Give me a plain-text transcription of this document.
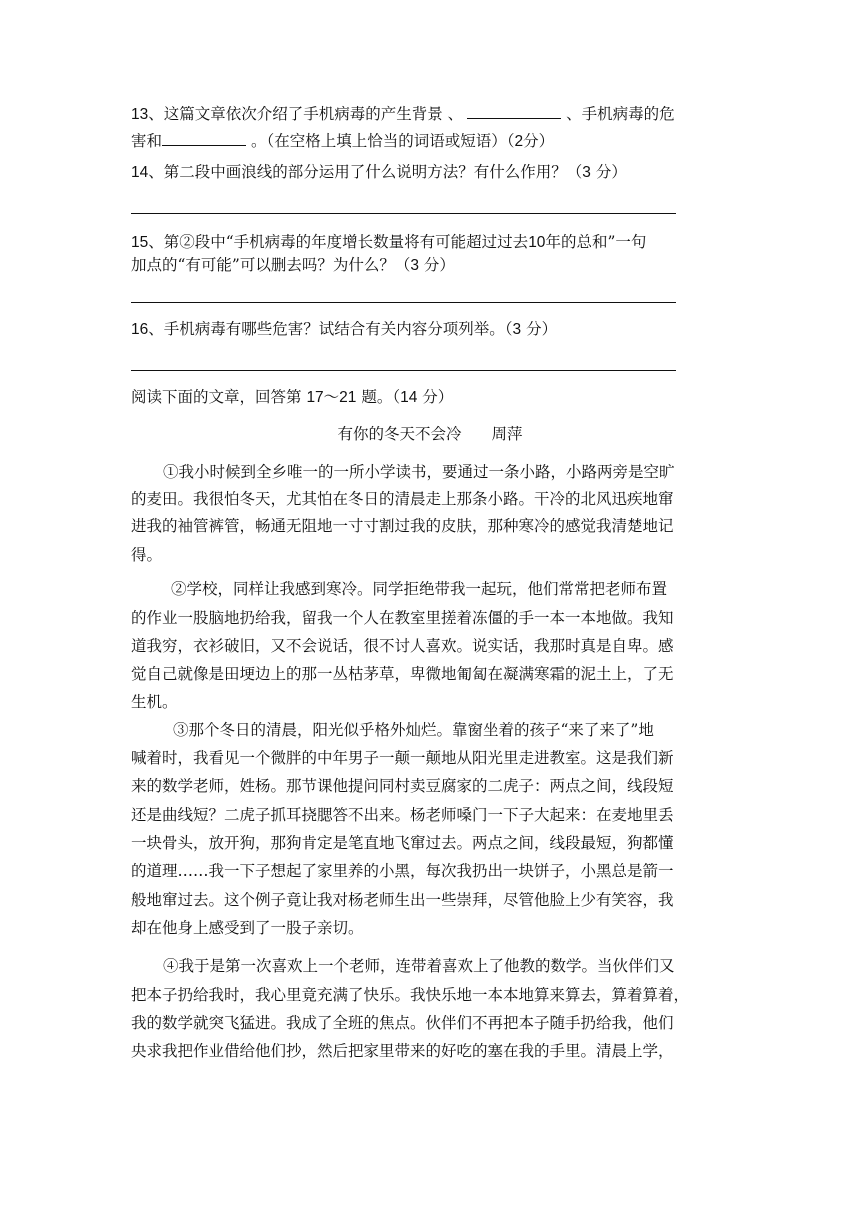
13、这篇文章依次介绍了手机病毒的产生背景 、	、手机病毒的危
害和	。（在空格上填上恰当的词语或短语）（2分）
14、第二段中画浪线的部分运用了什么说明方法？有什么作用？（3 分）
15、第②段中“手机病毒的年度增长数量将有可能超过过去10年的总和”一句
加点的“有可能”可以删去吗？为什么？（3 分）
16、手机病毒有哪些危害？试结合有关内容分项列举。（3 分）
阅读下面的文章，回答第 17～21 题。（14 分）
有你的冬天不会冷 周萍
①我小时候到全乡唯一的一所小学读书，要通过一条小路，小路两旁是空旷
的麦田。我很怕冬天，尤其怕在冬日的清晨走上那条小路。干冷的北风迅疾地窜
进我的袖管裤管，畅通无阻地一寸寸割过我的皮肤，那种寒冷的感觉我清楚地记
得。
②学校，同样让我感到寒冷。同学拒绝带我一起玩，他们常常把老师布置
的作业一股脑地扔给我，留我一个人在教室里搓着冻僵的手一本一本地做。我知
道我穷，衣衫破旧，又不会说话，很不讨人喜欢。说实话，我那时真是自卑。感
觉自己就像是田埂边上的那一丛枯茅草，卑微地匍匐在凝满寒霜的泥土上，了无
生机。
③那个冬日的清晨，阳光似乎格外灿烂。靠窗坐着的孩子“来了来了”地
喊着时，我看见一个微胖的中年男子一颠一颠地从阳光里走进教室。这是我们新
来的数学老师，姓杨。那节课他提问同村卖豆腐家的二虎子：两点之间，线段短
还是曲线短？二虎子抓耳挠腮答不出来。杨老师嗓门一下子大起来：在麦地里丢
一块骨头，放开狗，那狗肯定是笔直地飞窜过去。两点之间，线段最短，狗都懂
的道理……我一下子想起了家里养的小黑，每次我扔出一块饼子，小黑总是箭一
般地窜过去。这个例子竟让我对杨老师生出一些崇拜，尽管他脸上少有笑容，我
却在他身上感受到了一股子亲切。
④我于是第一次喜欢上一个老师，连带着喜欢上了他教的数学。当伙伴们又
把本子扔给我时，我心里竟充满了快乐。我快乐地一本本地算来算去，算着算着，
我的数学就突飞猛进。我成了全班的焦点。伙伴们不再把本子随手扔给我，他们
央求我把作业借给他们抄，然后把家里带来的好吃的塞在我的手里。清晨上学，
